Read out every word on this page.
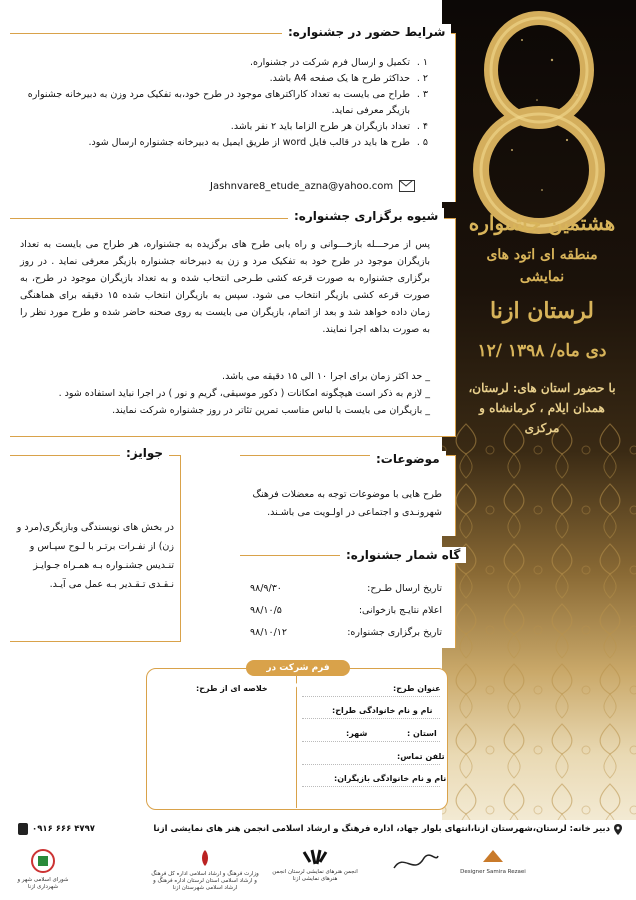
هشتمین جشنواره
منطقه ای اتود های نمایشی
لرستان ازنا
۱۲/ دی ماه/ ۱۳۹۸
با حضور استان های: لرستان، همدان ایلام ، کرمانشاه و مرکزی
شرایط حضور در جشنواره:
۱ .
تکمیل و ارسال فرم شرکت در جشنواره.
۲ .
حداکثر طرح ها یک صفحه A4 باشد.
۳ .
طراح می بایست به تعداد کاراکترهای موجود در طرح خود،به تفکیک مرد وزن به دبیرخانه جشنواره بازیگر معرفی نماید.
۴ .
تعداد بازیگران هر طرح الزاما باید ۲ نفر باشد.
۵ .
طرح ها باید در قالب فایل word از طریق ایمیل به دبیرخانه جشنواره ارسال شود.
Jashnvare8_etude_azna@yahoo.com
شیوه برگزاری جشنواره:
پس از مرحـــله بازخـــوانی و راه یابی طرح های برگزیده به جشنواره، هر طراح می بایست به تعداد بازیگران موجود در طرح خود به تفکیک مرد و زن به دبیرخانه جشنواره بازیگر معرفی نماید . در روز برگزاری جشنواره به صورت قرعه کشی طـرحی انتخاب شده و به تعداد بازیگران موجود در طرح، به صورت قرعه کشی بازیگر انتخاب می شود. سپس به بازیگران انتخاب شده ۱۵ دقیقه برای هماهنگی زمان داده خواهد شد و بعد از اتمام، بازیگران می بایست به روی صحنه حاضر شده و طرح مورد نظر را به صورت بداهه اجرا نمایند.
_ حد اکثر زمان برای اجرا ۱۰ الی ۱۵ دقیقه می باشد.
_ لازم به ذکر است هیچگونه امکانات ( دکور موسیقی، گریم و نور ) در اجرا نباید استفاده شود .
_ بازیگران می بایست با لباس مناسب تمرین تئاتر در روز جشنواره شرکت نمایند.
جوایز:
در بخش های نویسندگی وبازیگری(مرد و زن) از نفـرات برتـر با لـوح سپـاس و تنـدیس جشنـواره بـه همـراه جـوایـز نـقـدی تـقـدیر بـه عمل می آیـد.
موضوعات:
طرح هایی با موضوعات توجه به معضلات فرهنگ شهرونـدی و اجتماعی در اولـویت می باشـند.
گاه شمار جشنواره:
تاریخ ارسال طـرح:
۹۸/۹/۳۰
اعلام نتایـج بازخوانی:
۹۸/۱۰/۵
تاریخ برگزاری جشنواره:
۹۸/۱۰/۱۲
فرم شرکت در جشنواره
خلاصه ای از طرح:	عنوان طرح:
نام و نام خانوادگی طراح:
استان :
شهر:
تلفن تماس:
نام و نام خانوادگی بازیگران:
دبیر خانه: لرستان،شهرستان ازنا،انتهای بلوار جهاد، اداره فرهنگ و ارشاد اسلامی انجمن هنر های نمایشی ازنا
۰۹۱۶ ۶۶۶ ۴۷۹۷
شورای اسلامی شهر و شهرداری ازنا
وزارت فرهنگ و ارشاد اسلامی اداره کل فرهنگ و ارشاد اسلامی استان لرستان اداره فرهنگ و ارشاد اسلامی شهرستان ازنا
انجمن هنرهای نمایشی لرستان انجمن هنرهای نمایشی ازنا
Designer Samira Rezaei
